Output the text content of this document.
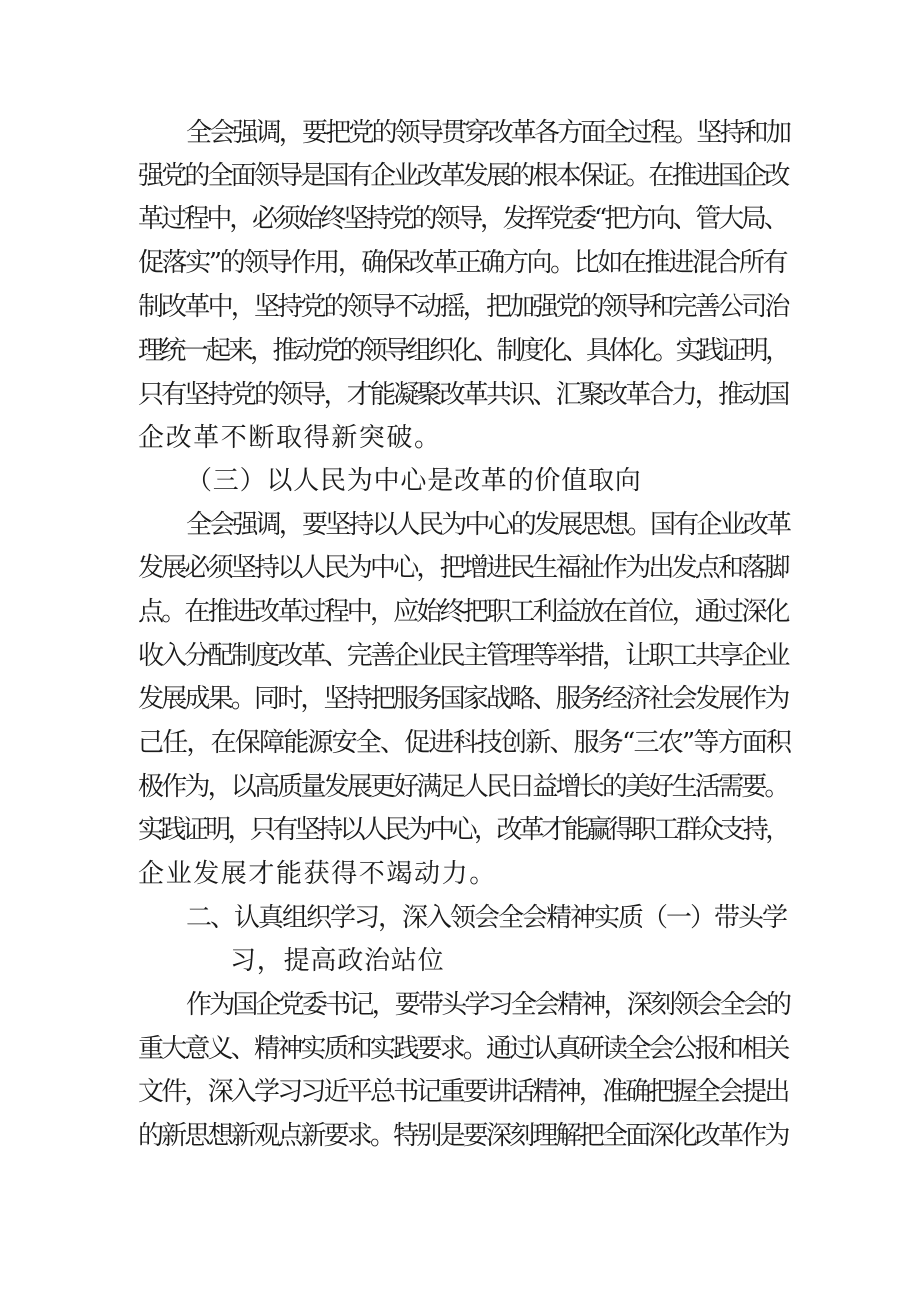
全会强调，要把党的领导贯穿改革各方面全过程。坚持和加
强党的全面领导是国有企业改革发展的根本保证。在推进国企改
革过程中，必须始终坚持党的领导，发挥党委“把方向、管大局、
促落实”的领导作用，确保改革正确方向。比如在推进混合所有
制改革中，坚持党的领导不动摇，把加强党的领导和完善公司治
理统一起来，推动党的领导组织化、制度化、具体化。实践证明，
只有坚持党的领导，才能凝聚改革共识、汇聚改革合力，推动国
企改革不断取得新突破。
（三）以人民为中心是改革的价值取向
全会强调，要坚持以人民为中心的发展思想。国有企业改革
发展必须坚持以人民为中心，把增进民生福祉作为出发点和落脚
点。在推进改革过程中，应始终把职工利益放在首位，通过深化
收入分配制度改革、完善企业民主管理等举措，让职工共享企业
发展成果。同时，坚持把服务国家战略、服务经济社会发展作为
己任，在保障能源安全、促进科技创新、服务“三农”等方面积
极作为，以高质量发展更好满足人民日益增长的美好生活需要。
实践证明，只有坚持以人民为中心，改革才能赢得职工群众支持，
企业发展才能获得不竭动力。
二、认真组织学习，深入领会全会精神实质（一）带头学
习，提高政治站位
作为国企党委书记，要带头学习全会精神，深刻领会全会的
重大意义、精神实质和实践要求。通过认真研读全会公报和相关
文件，深入学习习近平总书记重要讲话精神，准确把握全会提出
的新思想新观点新要求。特别是要深刻理解把全面深化改革作为
